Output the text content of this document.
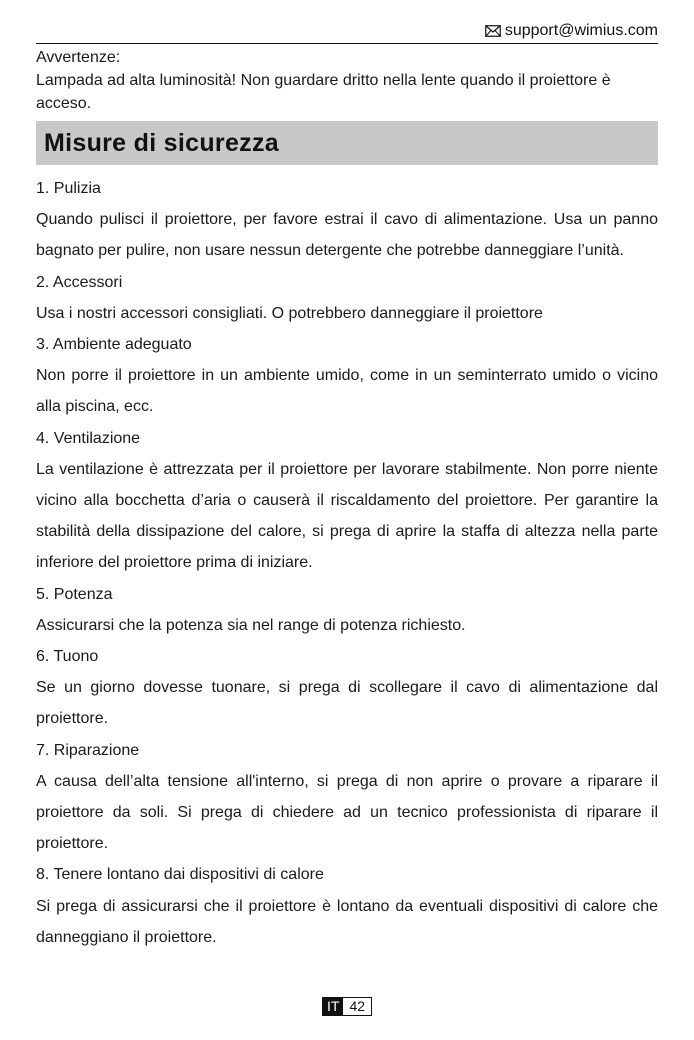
support@wimius.com

Avvertenze:

Lampada ad alta luminosità! Non guardare dritto nella lente quando il proiettore è acceso.

Misure di sicurezza

1. Pulizia

Quando pulisci il proiettore, per favore estrai il cavo di alimentazione. Usa un panno bagnato per pulire, non usare nessun detergente che potrebbe danneggiare l’unità.

2. Accessori

Usa i nostri accessori consigliati. O potrebbero danneggiare il proiettore

3. Ambiente adeguato

Non porre il proiettore in un ambiente umido, come in un seminterrato umido o vicino alla piscina, ecc.

4. Ventilazione

La ventilazione è attrezzata per il proiettore per lavorare stabilmente. Non porre niente vicino alla bocchetta d’aria o causerà il riscaldamento del proiettore. Per garantire la stabilità della dissipazione del calore, si prega di aprire la staffa di altezza nella parte inferiore del proiettore prima di iniziare.

5. Potenza

Assicurarsi che la potenza sia nel range di potenza richiesto.

6. Tuono

Se un giorno dovesse tuonare, si prega di scollegare il cavo di alimentazione dal proiettore.

7. Riparazione

A causa dell’alta tensione all'interno, si prega di non aprire o provare a riparare il proiettore da soli. Si prega di chiedere ad un tecnico professionista di riparare il proiettore.

8. Tenere lontano dai dispositivi di calore

Si prega di assicurarsi che il proiettore è lontano da eventuali dispositivi di calore che danneggiano il proiettore.

IT 42
